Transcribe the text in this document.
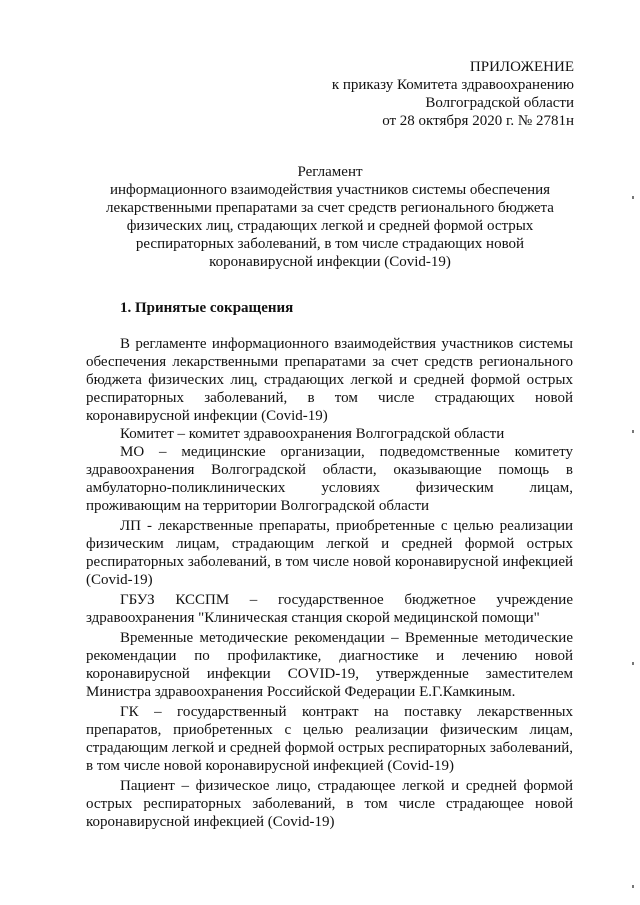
ПРИЛОЖЕНИЕ
к приказу Комитета здравоохранению
Волгоградской области
от 28 октября 2020 г. № 2781н
Регламент
информационного взаимодействия участников системы обеспечения
лекарственными препаратами за счет средств регионального бюджета
физических лиц, страдающих легкой и средней формой острых
респираторных заболеваний, в том числе страдающих новой
коронавирусной инфекции (Covid-19)
1. Принятые сокращения

В регламенте информационного взаимодействия участников системы обеспечения лекарственными препаратами за счет средств регионального бюджета физических лиц, страдающих легкой и средней формой острых респираторных заболеваний, в том числе страдающих новой коронавирусной инфекции (Covid-19)

Комитет – комитет здравоохранения Волгоградской области

МО – медицинские организации, подведомственные комитету здравоохранения Волгоградской области, оказывающие помощь в амбулаторно-поликлинических условиях физическим лицам, проживающим на территории Волгоградской области

ЛП - лекарственные препараты, приобретенные с целью реализации физическим лицам, страдающим легкой и средней формой острых респираторных заболеваний, в том числе новой коронавирусной инфекцией (Covid-19)

ГБУЗ КССПМ – государственное бюджетное учреждение здравоохранения "Клиническая станция скорой медицинской помощи"

Временные методические рекомендации – Временные методические рекомендации по профилактике, диагностике и лечению новой коронавирусной инфекции COVID-19, утвержденные заместителем Министра здравоохранения Российской Федерации Е.Г.Камкиным.

ГК – государственный контракт на поставку лекарственных препаратов, приобретенных с целью реализации физическим лицам, страдающим легкой и средней формой острых респираторных заболеваний, в том числе новой коронавирусной инфекцией (Covid-19)

Пациент – физическое лицо, страдающее легкой и средней формой острых респираторных заболеваний, в том числе страдающее новой коронавирусной инфекцией (Covid-19)
